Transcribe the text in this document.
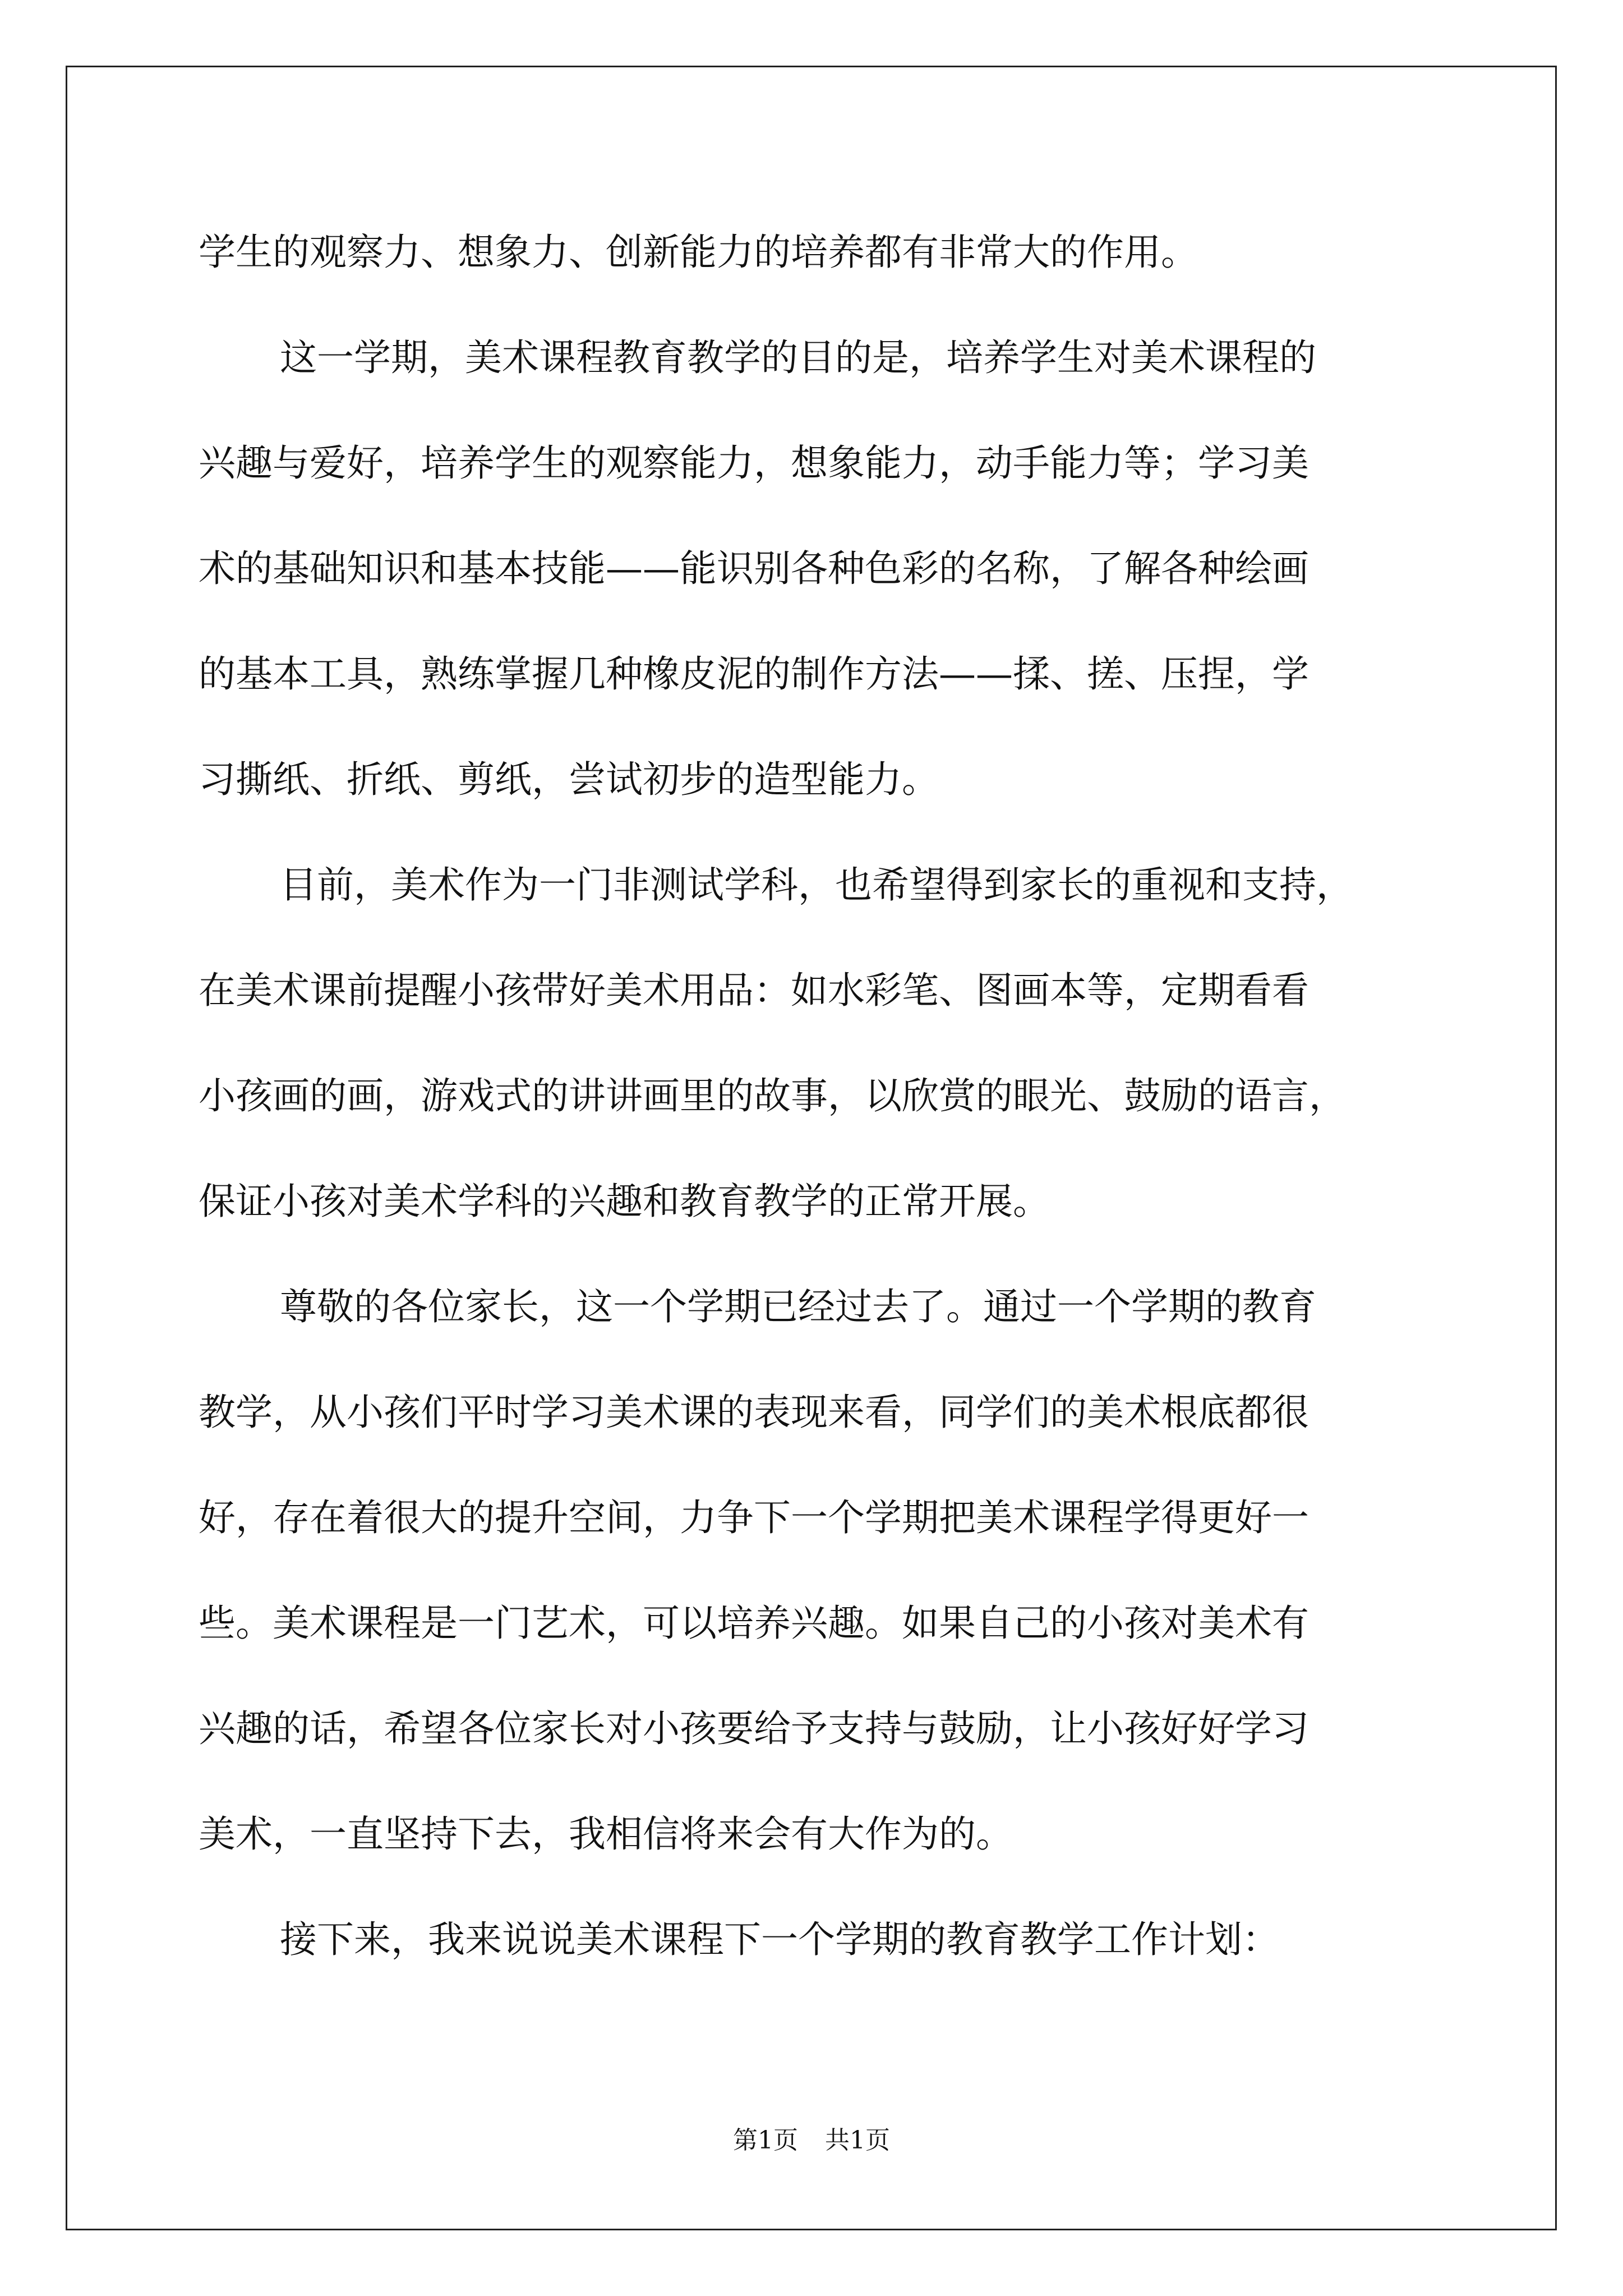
学生的观察力、想象力、创新能力的培养都有非常大的作用。
这一学期，美术课程教育教学的目的是，培养学生对美术课程的
兴趣与爱好，培养学生的观察能力，想象能力，动手能力等；学习美
术的基础知识和基本技能——能识别各种色彩的名称，了解各种绘画
的基本工具，熟练掌握几种橡皮泥的制作方法——揉、搓、压捏，学
习撕纸、折纸、剪纸，尝试初步的造型能力。
目前，美术作为一门非测试学科，也希望得到家长的重视和支持，
在美术课前提醒小孩带好美术用品：如水彩笔、图画本等，定期看看
小孩画的画，游戏式的讲讲画里的故事，以欣赏的眼光、鼓励的语言，
保证小孩对美术学科的兴趣和教育教学的正常开展。
尊敬的各位家长，这一个学期已经过去了。通过一个学期的教育
教学，从小孩们平时学习美术课的表现来看，同学们的美术根底都很
好，存在着很大的提升空间，力争下一个学期把美术课程学得更好一
些。美术课程是一门艺术，可以培养兴趣。如果自己的小孩对美术有
兴趣的话，希望各位家长对小孩要给予支持与鼓励，让小孩好好学习
美术，一直坚持下去，我相信将来会有大作为的。
接下来，我来说说美术课程下一个学期的教育教学工作计划：
第1页 共1页
